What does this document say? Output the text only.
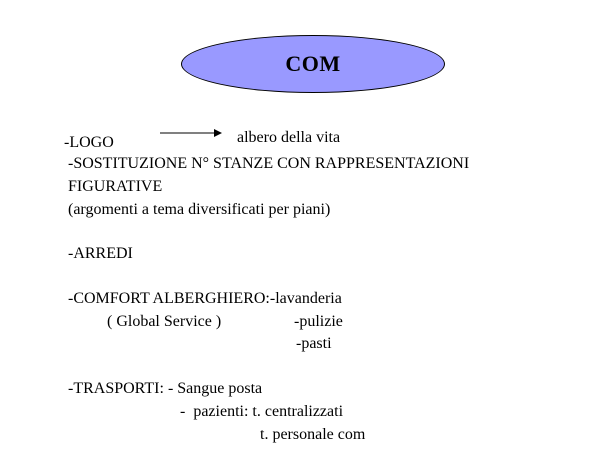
COM
-LOGO	albero della vita
-SOSTITUZIONE N° STANZE CON RAPPRESENTAZIONI
FIGURATIVE
(argomenti a tema diversificati per piani)
-ARREDI
-COMFORT ALBERGHIERO:-lavanderia
( Global Service )	-pulizie
-pasti
-TRASPORTI: - Sangue posta
-  pazienti: t. centralizzati
t. personale com
